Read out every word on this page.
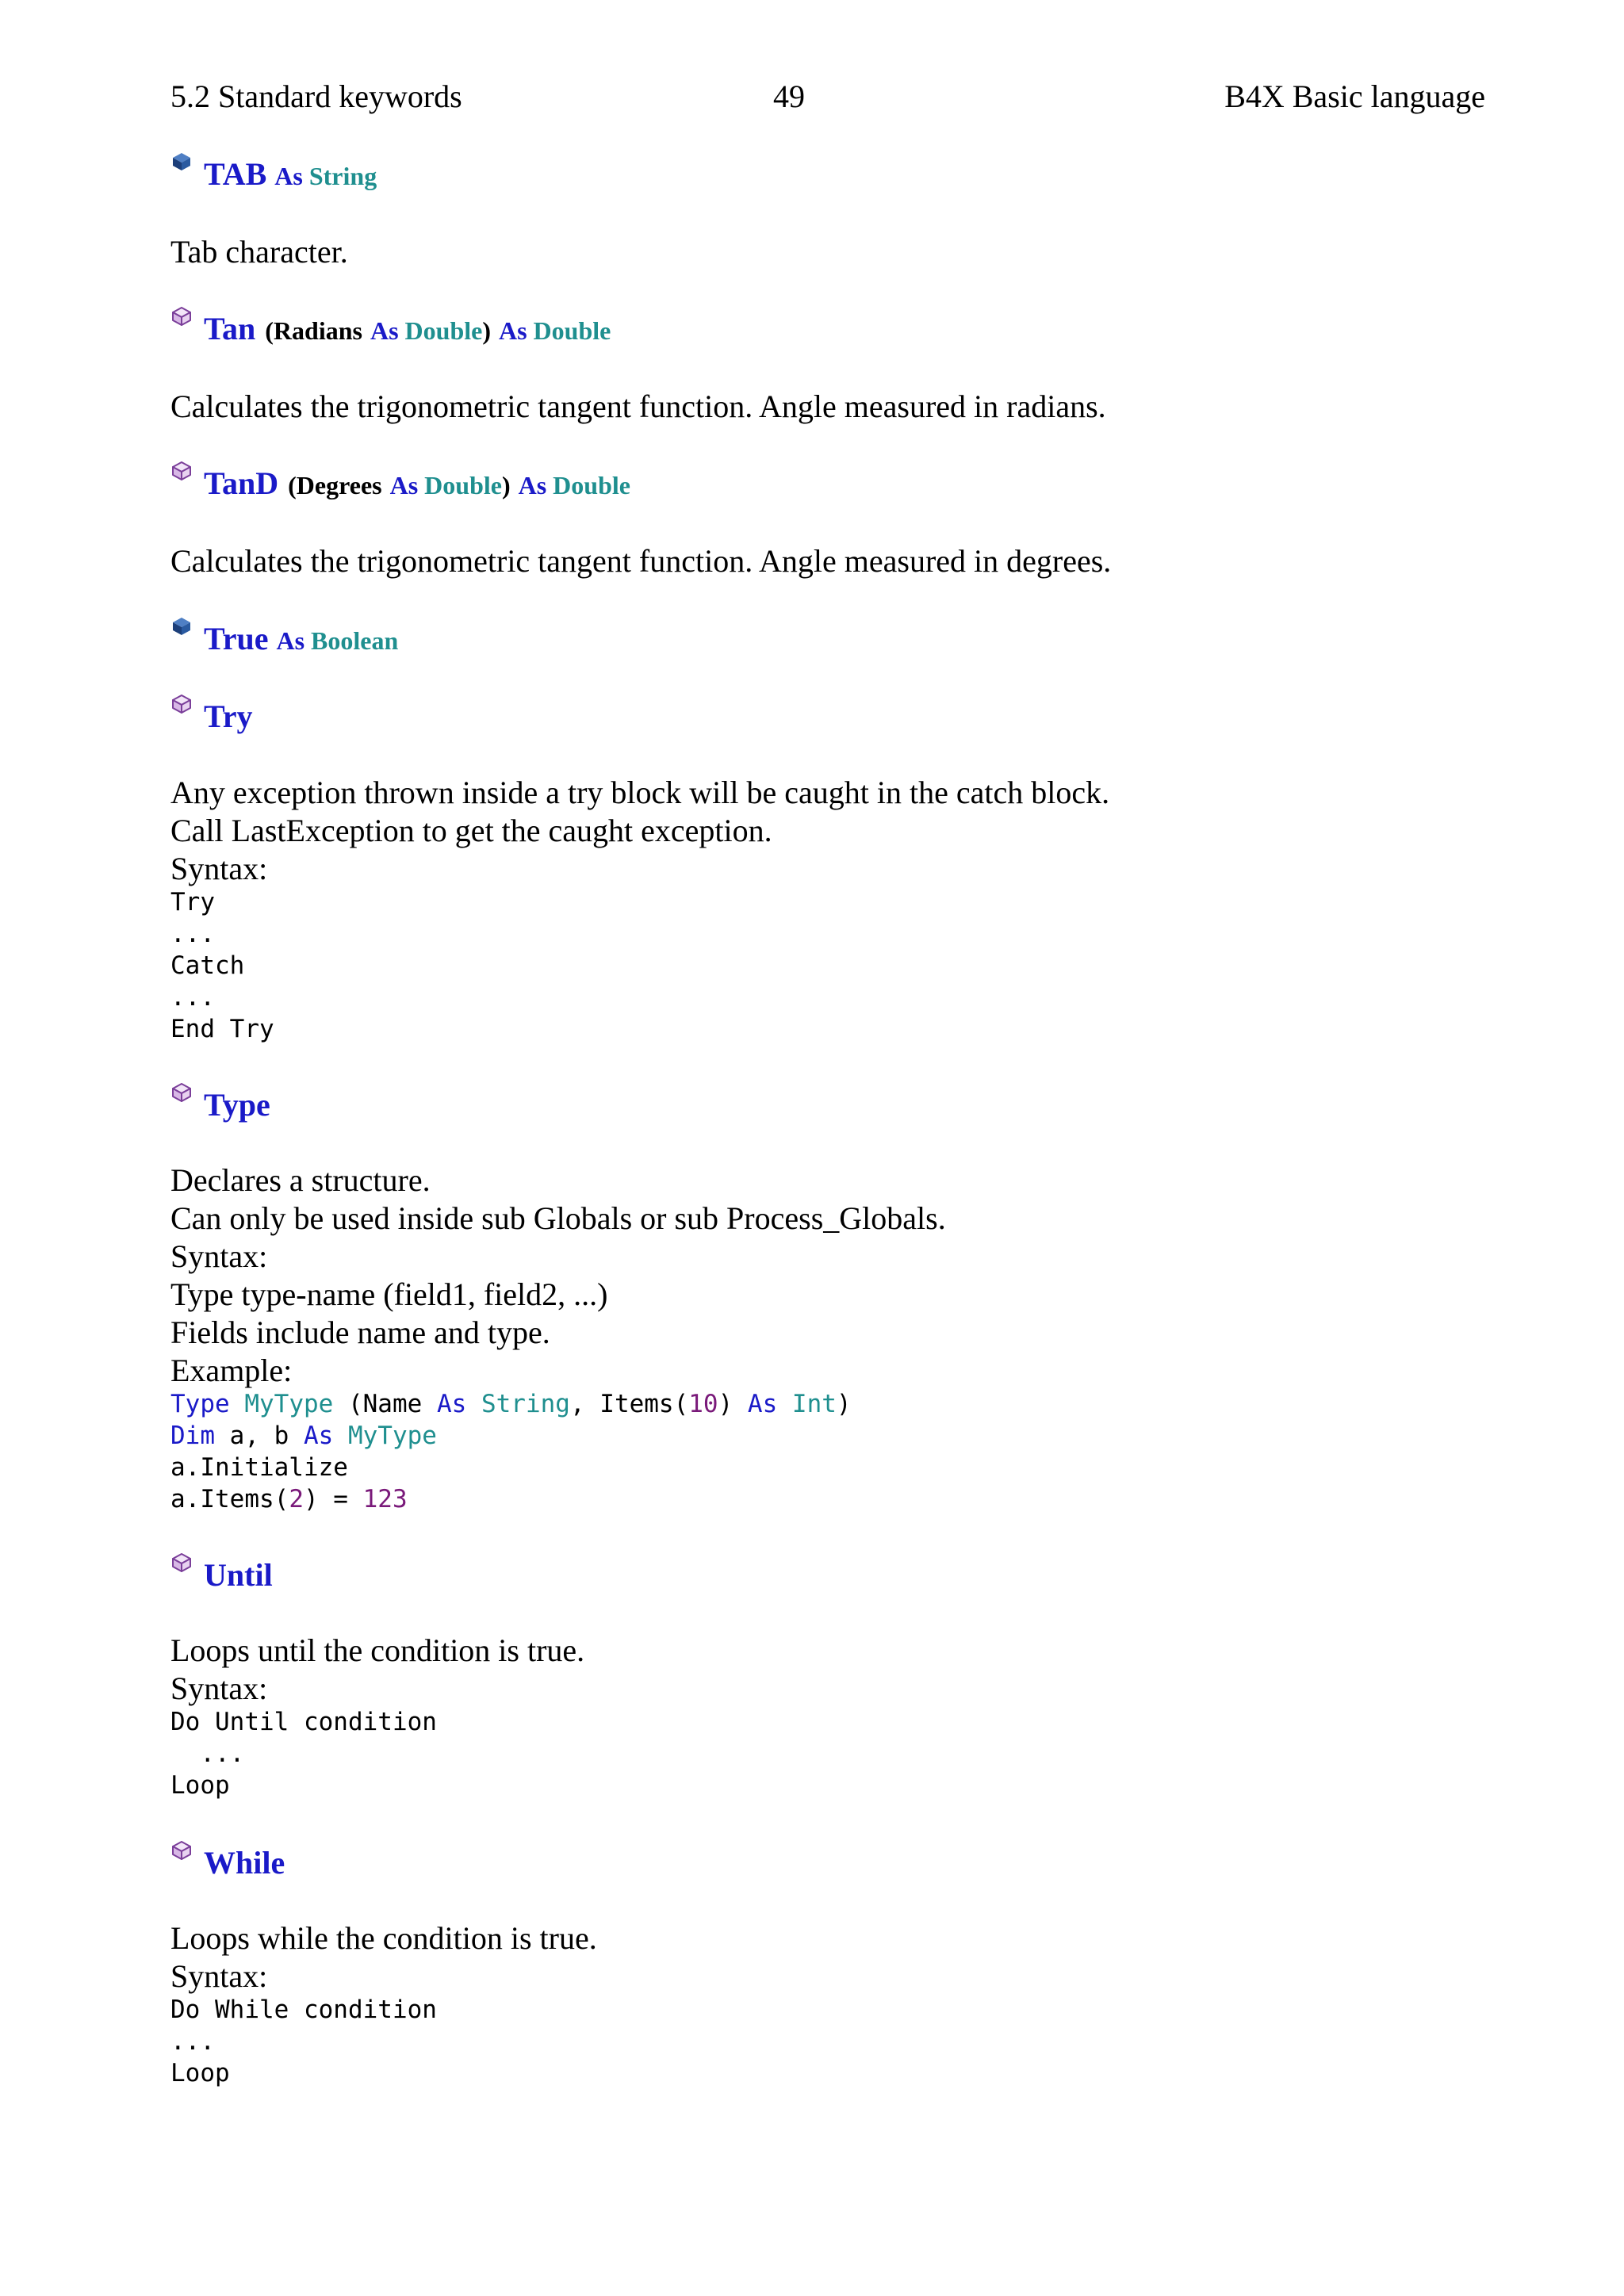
5.2 Standard keywords	49	B4X Basic language
TAB As String
Tab character.
Tan ( Radians As Double ) As Double
Calculates the trigonometric tangent function. Angle measured in radians.
TanD ( Degrees As Double ) As Double
Calculates the trigonometric tangent function. Angle measured in degrees.
True As Boolean
Try
Any exception thrown inside a try block will be caught in the catch block.
Call LastException to get the caught exception.
Syntax:
Try
...
Catch
...
End Try
Type
Declares a structure.
Can only be used inside sub Globals or sub Process_Globals.
Syntax:
Type type-name (field1, field2, ...)
Fields include name and type.
Example:
Type MyType (Name As String, Items(10) As Int)
Dim a, b As MyType
a.Initialize
a.Items(2) = 123
Until
Loops until the condition is true.
Syntax:
Do Until condition
...
Loop
While
Loops while the condition is true.
Syntax:
Do While condition
...
Loop
